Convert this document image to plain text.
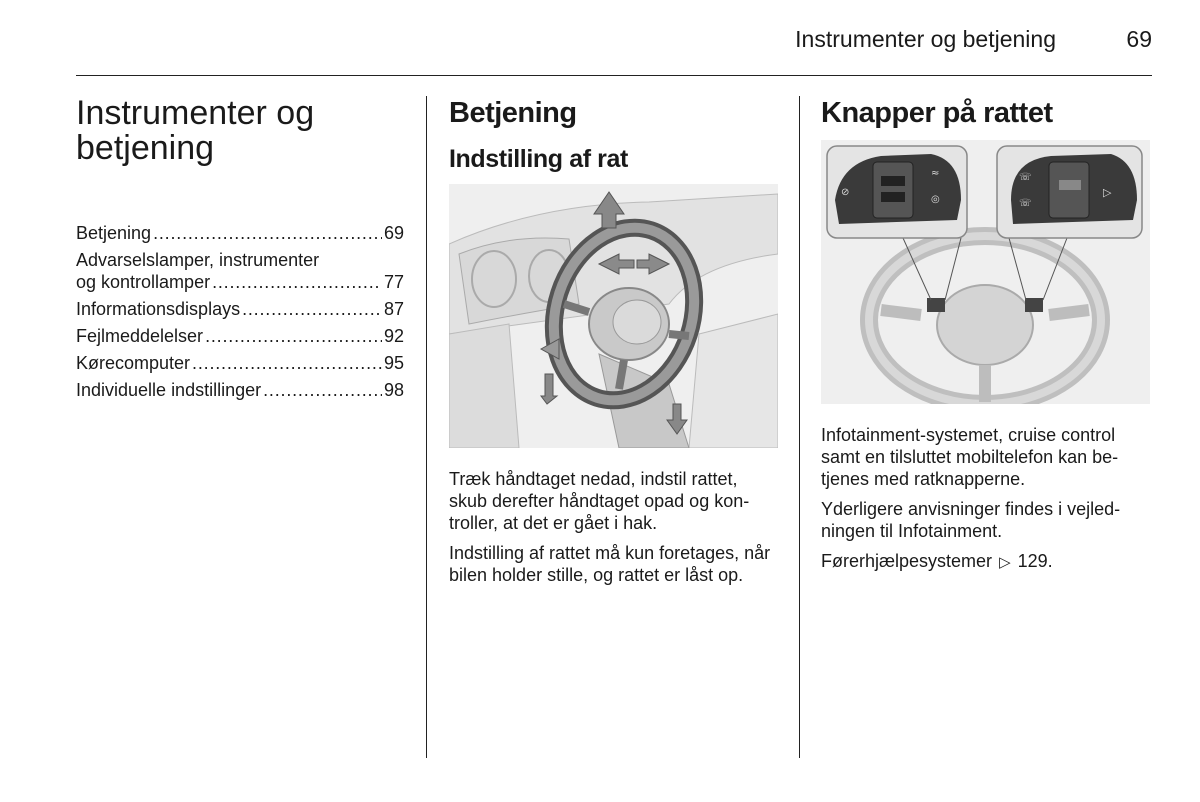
Instrumenter og betjening	69
Instrumenter og betjening
Betjening . . .	69
Advarselslamper, instrumenter
og kontrollamper . . .	77
Informationsdisplays . . .	87
Fejlmeddelelser . . .	92
Kørecomputer . . .	95
Individuelle indstillinger . . .	98
Betjening
Indstilling af rat

Træk håndtaget nedad, indstil rattet, skub derefter håndtaget opad og kon-troller, at det er gået i hak.

Indstilling af rattet må kun foretages, når bilen holder stille, og rattet er låst op.

Knapper på rattet
⊘
≈
◎
☏
☏
▷

Infotainment-systemet, cruise control samt en tilsluttet mobiltelefon kan be-tjenes med ratknapperne.

Yderligere anvisninger findes i vejled-ningen til Infotainment.

Førerhjælpesystemer ▷ 129.
